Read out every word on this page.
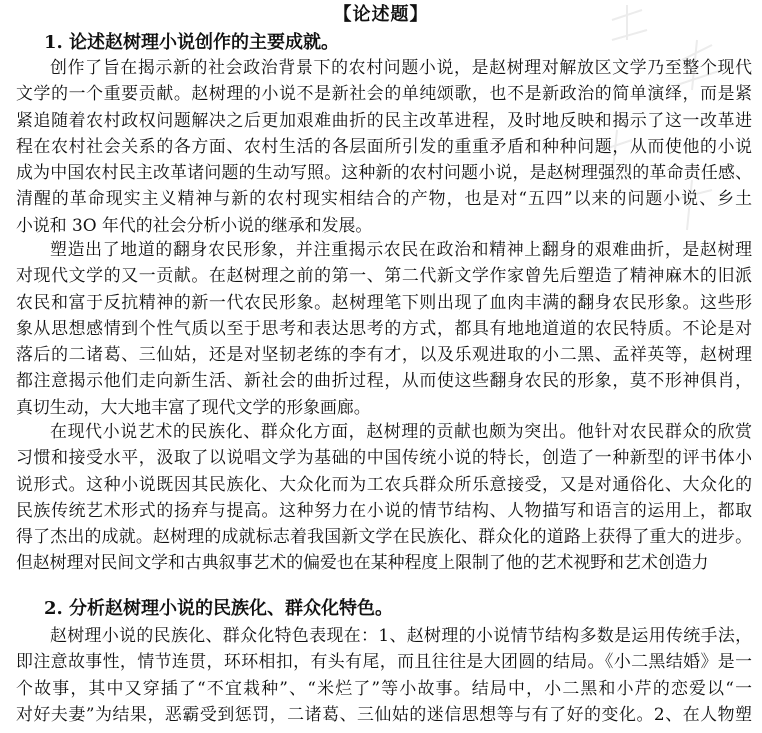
【论述题】
1. 论述赵树理小说创作的主要成就。
创作了旨在揭示新的社会政治背景下的农村问题小说，是赵树理对解放区文学乃至整个现代
文学的一个重要贡献。赵树理的小说不是新社会的单纯颂歌，也不是新政治的简单演绎，而是紧
紧追随着农村政权问题解决之后更加艰难曲折的民主改革进程，及时地反映和揭示了这一改革进
程在农村社会关系的各方面、农村生活的各层面所引发的重重矛盾和种种问题，从而使他的小说
成为中国农村民主改革诸问题的生动写照。这种新的农村问题小说，是赵树理强烈的革命责任感、
清醒的革命现实主义精神与新的农村现实相结合的产物，也是对“五四”以来的问题小说、乡土
小说和 3O 年代的社会分析小说的继承和发展。
塑造出了地道的翻身农民形象，并注重揭示农民在政治和精神上翻身的艰难曲折，是赵树理
对现代文学的又一贡献。在赵树理之前的第一、第二代新文学作家曾先后塑造了精神麻木的旧派
农民和富于反抗精神的新一代农民形象。赵树理笔下则出现了血肉丰满的翻身农民形象。这些形
象从思想感情到个性气质以至于思考和表达思考的方式，都具有地地道道的农民特质。不论是对
落后的二诸葛、三仙姑，还是对坚韧老练的李有才，以及乐观进取的小二黑、孟祥英等，赵树理
都注意揭示他们走向新生活、新社会的曲折过程，从而使这些翻身农民的形象，莫不形神俱肖，
真切生动，大大地丰富了现代文学的形象画廊。
在现代小说艺术的民族化、群众化方面，赵树理的贡献也颇为突出。他针对农民群众的欣赏
习惯和接受水平，汲取了以说唱文学为基础的中国传统小说的特长，创造了一种新型的评书体小
说形式。这种小说既因其民族化、大众化而为工农兵群众所乐意接受，又是对通俗化、大众化的
民族传统艺术形式的扬弃与提高。这种努力在小说的情节结构、人物描写和语言的运用上，都取
得了杰出的成就。赵树理的成就标志着我国新文学在民族化、群众化的道路上获得了重大的进步。
但赵树理对民间文学和古典叙事艺术的偏爱也在某种程度上限制了他的艺术视野和艺术创造力
2. 分析赵树理小说的民族化、群众化特色。
赵树理小说的民族化、群众化特色表现在：1、赵树理的小说情节结构多数是运用传统手法，
即注意故事性，情节连贯，环环相扣，有头有尾，而且往往是大团圆的结局。《小二黑结婚》是一
个故事，其中又穿插了“不宜栽种”、“米烂了”等小故事。结局中，小二黑和小芹的恋爱以“一
对好夫妻”为结果，恶霸受到惩罚，二诸葛、三仙姑的迷信思想等与有了好的变化。2、在人物塑
